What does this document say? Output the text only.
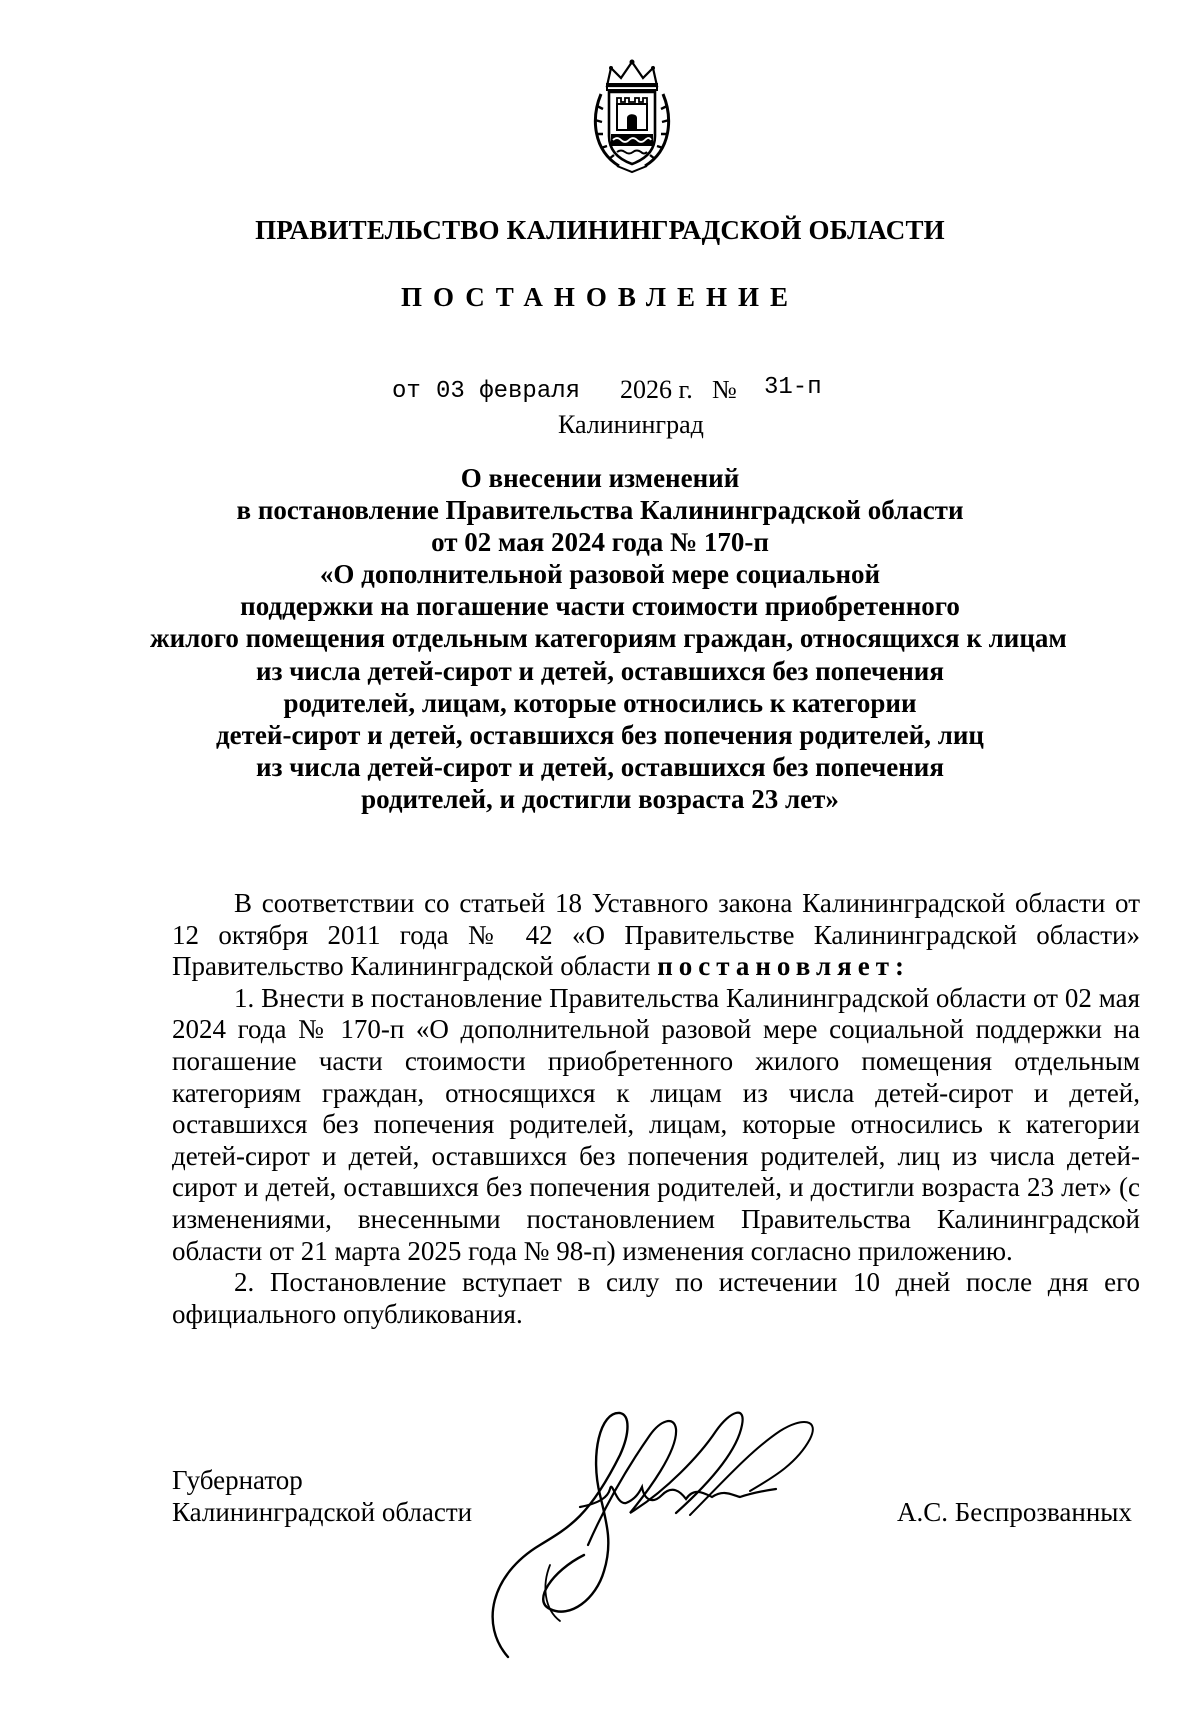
ПРАВИТЕЛЬСТВО КАЛИНИНГРАДСКОЙ ОБЛАСТИ
ПОСТАНОВЛЕНИЕ
от 03 февраля 2026 г. № 31-п
Калининград
О внесении изменений
в постановление Правительства Калининградской области
от 02 мая 2024 года № 170-п
«О дополнительной разовой мере социальной
поддержки на погашение части стоимости приобретенного
жилого помещения отдельным категориям граждан, относящихся к лицам
из числа детей-сирот и детей, оставшихся без попечения
родителей, лицам, которые относились к категории
детей-сирот и детей, оставшихся без попечения родителей, лиц
из числа детей-сирот и детей, оставшихся без попечения
родителей, и достигли возраста 23 лет»

В соответствии со статьей 18 Уставного закона Калининградской области от 12 октября 2011 года № 42 «О Правительстве Калининградской области» Правительство Калининградской области постановляет:

1. Внести в постановление Правительства Калининградской области от 02 мая 2024 года № 170-п «О дополнительной разовой мере социальной поддержки на погашение части стоимости приобретенного жилого помещения отдельным категориям граждан, относящихся к лицам из числа детей-сирот и детей, оставшихся без попечения родителей, лицам, которые относились к категории детей-сирот и детей, оставшихся без попечения родителей, лиц из числа детей-сирот и детей, оставшихся без попечения родителей, и достигли возраста 23 лет» (с изменениями, внесенными постановлением Правительства Калининградской области от 21 марта 2025 года № 98-п) изменения согласно приложению.

2. Постановление вступает в силу по истечении 10 дней после дня его официального опубликования.

Губернатор
Калининградской области	А.С. Беспрозванных
